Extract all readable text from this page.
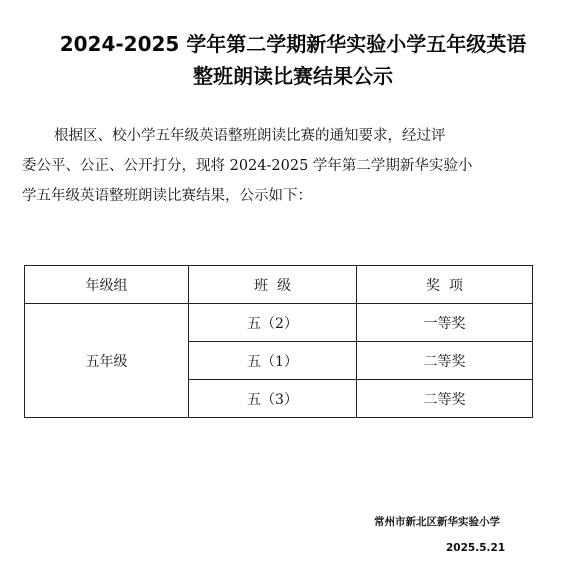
2024-2025 学年第二学期新华实验小学五年级英语
整班朗读比赛结果公示
根据区、校小学五年级英语整班朗读比赛的通知要求，经过评
委公平、公正、公开打分，现将 2024-2025 学年第二学期新华实验小
学五年级英语整班朗读比赛结果，公示如下：
年级组	班  级	奖  项
五年级	五（2）	一等奖
	五（1）	二等奖
	五（3）	二等奖
常州市新北区新华实验小学
2025.5.21
